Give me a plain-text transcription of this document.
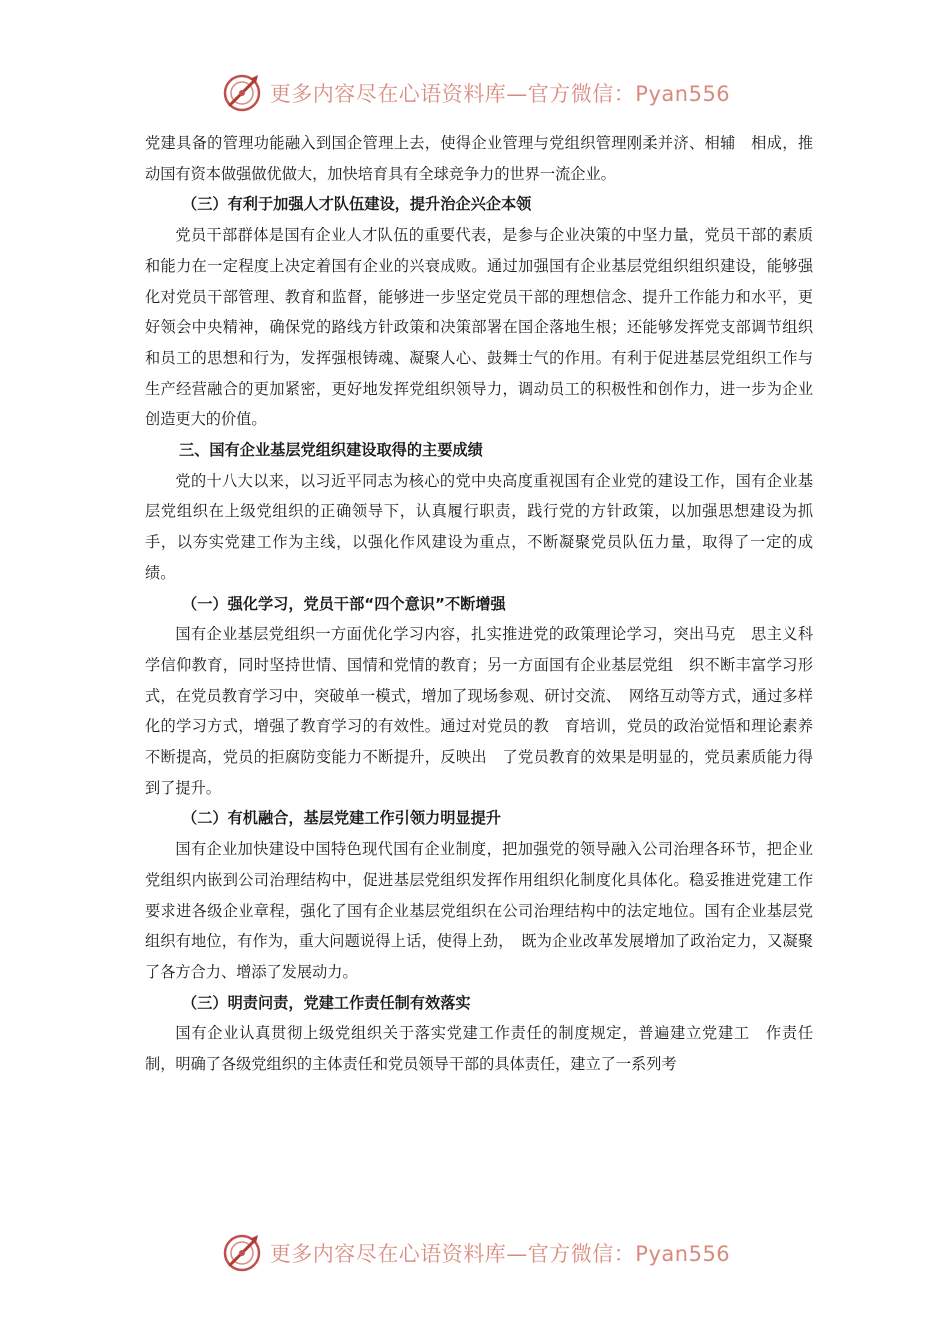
更多内容尽在心语资料库—官方微信：Pyan556

党建具备的管理功能融入到国企管理上去，使得企业管理与党组织管理刚柔并济、相辅　相成，推动国有资本做强做优做大，加快培育具有全球竞争力的世界一流企业。

（三）有利于加强人才队伍建设，提升治企兴企本领

党员干部群体是国有企业人才队伍的重要代表，是参与企业决策的中坚力量，党员干部的素质和能力在一定程度上决定着国有企业的兴衰成败。通过加强国有企业基层党组织组织建设，能够强化对党员干部管理、教育和监督，能够进一步坚定党员干部的理想信念、提升工作能力和水平，更好领会中央精神，确保党的路线方针政策和决策部署在国企落地生根；还能够发挥党支部调节组织和员工的思想和行为，发挥强根铸魂、凝聚人心、鼓舞士气的作用。有利于促进基层党组织工作与生产经营融合的更加紧密，更好地发挥党组织领导力，调动员工的积极性和创作力，进一步为企业创造更大的价值。

三、国有企业基层党组织建设取得的主要成绩

党的十八大以来，以习近平同志为核心的党中央高度重视国有企业党的建设工作，国有企业基层党组织在上级党组织的正确领导下，认真履行职责，践行党的方针政策，以加强思想建设为抓手，以夯实党建工作为主线，以强化作风建设为重点，不断凝聚党员队伍力量，取得了一定的成绩。

（一）强化学习，党员干部“四个意识”不断增强

国有企业基层党组织一方面优化学习内容，扎实推进党的政策理论学习，突出马克　思主义科学信仰教育，同时坚持世情、国情和党情的教育；另一方面国有企业基层党组　织不断丰富学习形式，在党员教育学习中，突破单一模式，增加了现场参观、研讨交流、　网络互动等方式，通过多样化的学习方式，增强了教育学习的有效性。通过对党员的教　育培训，党员的政治觉悟和理论素养不断提高，党员的拒腐防变能力不断提升，反映出　了党员教育的效果是明显的，党员素质能力得到了提升。

（二）有机融合，基层党建工作引领力明显提升

国有企业加快建设中国特色现代国有企业制度，把加强党的领导融入公司治理各环节，把企业党组织内嵌到公司治理结构中，促进基层党组织发挥作用组织化制度化具体化。稳妥推进党建工作要求进各级企业章程，强化了国有企业基层党组织在公司治理结构中的法定地位。国有企业基层党组织有地位，有作为，重大问题说得上话，使得上劲，　既为企业改革发展增加了政治定力，又凝聚了各方合力、增添了发展动力。

（三）明责问责，党建工作责任制有效落实

国有企业认真贯彻上级党组织关于落实党建工作责任的制度规定，普遍建立党建工　作责任制，明确了各级党组织的主体责任和党员领导干部的具体责任，建立了一系列考

更多内容尽在心语资料库—官方微信：Pyan556
